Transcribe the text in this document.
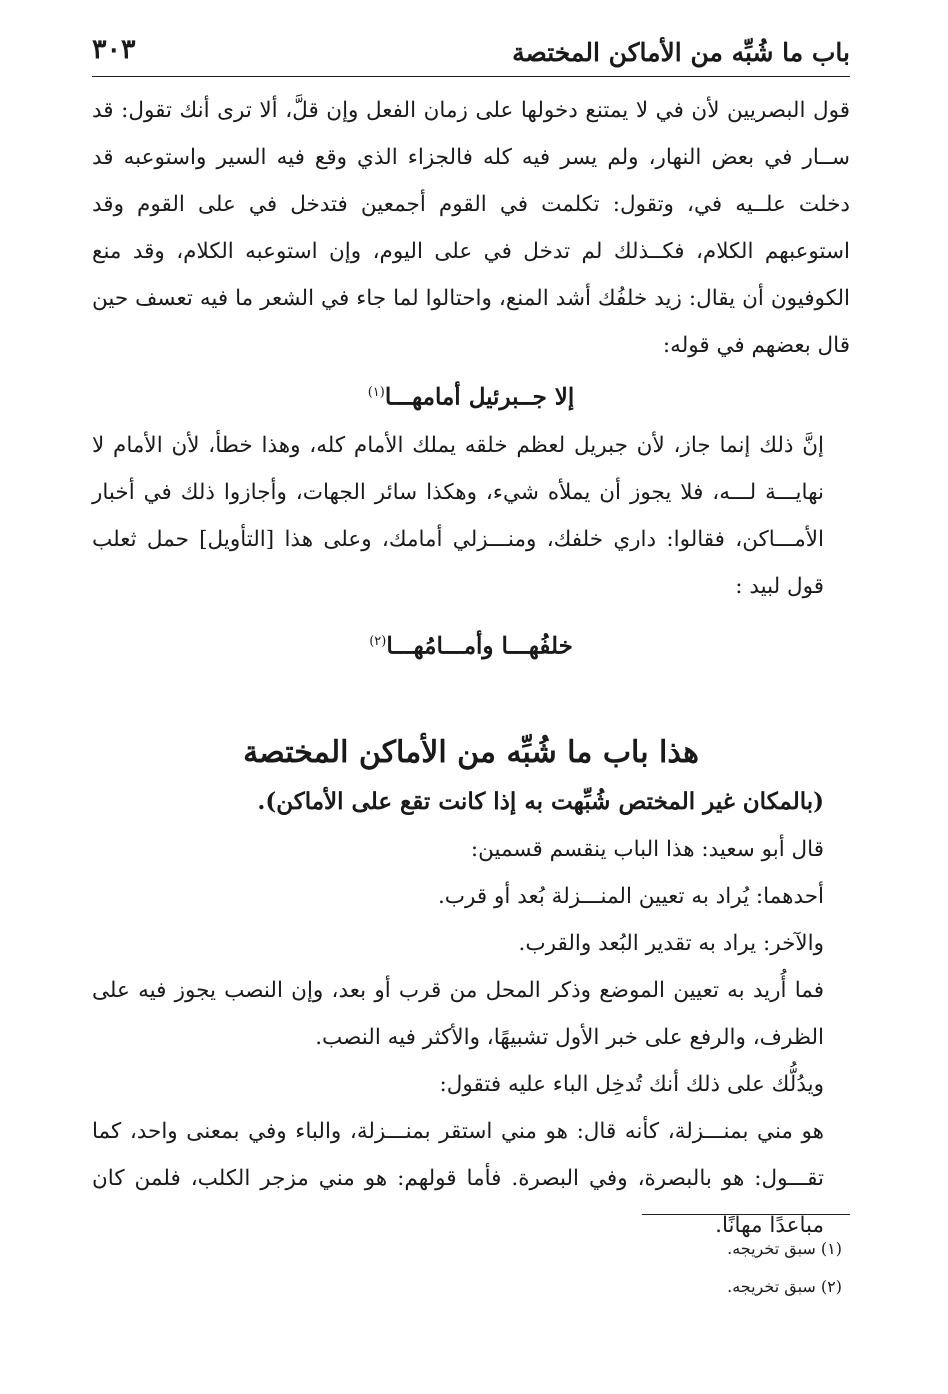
باب ما شُبِّه من الأماكن المختصة
٣٠٣

قول البصريين لأن في لا يمتنع دخولها على زمان الفعل وإن قلَّ، ألا ترى أنك تقول: قد ســار في بعض النهار، ولم يسر فيه كله فالجزاء الذي وقع فيه السير واستوعبه قد دخلت علــيه في، وتقول: تكلمت في القوم أجمعين فتدخل في على القوم وقد استوعبهم الكلام، فكــذلك لم تدخل في على اليوم، وإن استوعبه الكلام، وقد منع الكوفيون أن يقال: زيد خلفُك أشد المنع، واحتالوا لما جاء في الشعر ما فيه تعسف حين قال بعضهم في قوله:

إلا جــبرئيل أمامهـــا$^{(١)}$

إنَّ ذلك إنما جاز، لأن جبريل لعظم خلقه يملك الأمام كله، وهذا خطأ، لأن الأمام لا نهايـــة لـــه، فلا يجوز أن يملأه شيء، وهكذا سائر الجهات، وأجازوا ذلك في أخبار الأمـــاكن، فقالوا: داري خلفك، ومنـــزلي أمامك، وعلى هذا [التأويل] حمل ثعلب قول لبيد :

خلفُهـــا وأمـــامُهـــا$^{(٢)}$

هذا باب ما شُبِّه من الأماكن المختصة

(بالمكان غير المختص شُبِّهت به إذا كانت تقع على الأماكن).

قال أبو سعيد: هذا الباب ينقسم قسمين:

أحدهما: يُراد به تعيين المنـــزلة بُعد أو قرب.

والآخر: يراد به تقدير البُعد والقرب.

فما أُريد به تعيين الموضع وذكر المحل من قرب أو بعد، وإن النصب يجوز فيه على الظرف، والرفع على خبر الأول تشبيهًا، والأكثر فيه النصب.

ويدُلُّك على ذلك أنك تُدخِل الباء عليه فتقول:

هو مني بمنـــزلة، كأنه قال: هو مني استقر بمنـــزلة، والباء وفي بمعنى واحد، كما تقـــول: هو بالبصرة، وفي البصرة. فأما قولهم: هو مني مزجر الكلب، فلمن كان مباعدًا مهانًا.

(١) سبق تخريجه.
(٢) سبق تخريجه.
